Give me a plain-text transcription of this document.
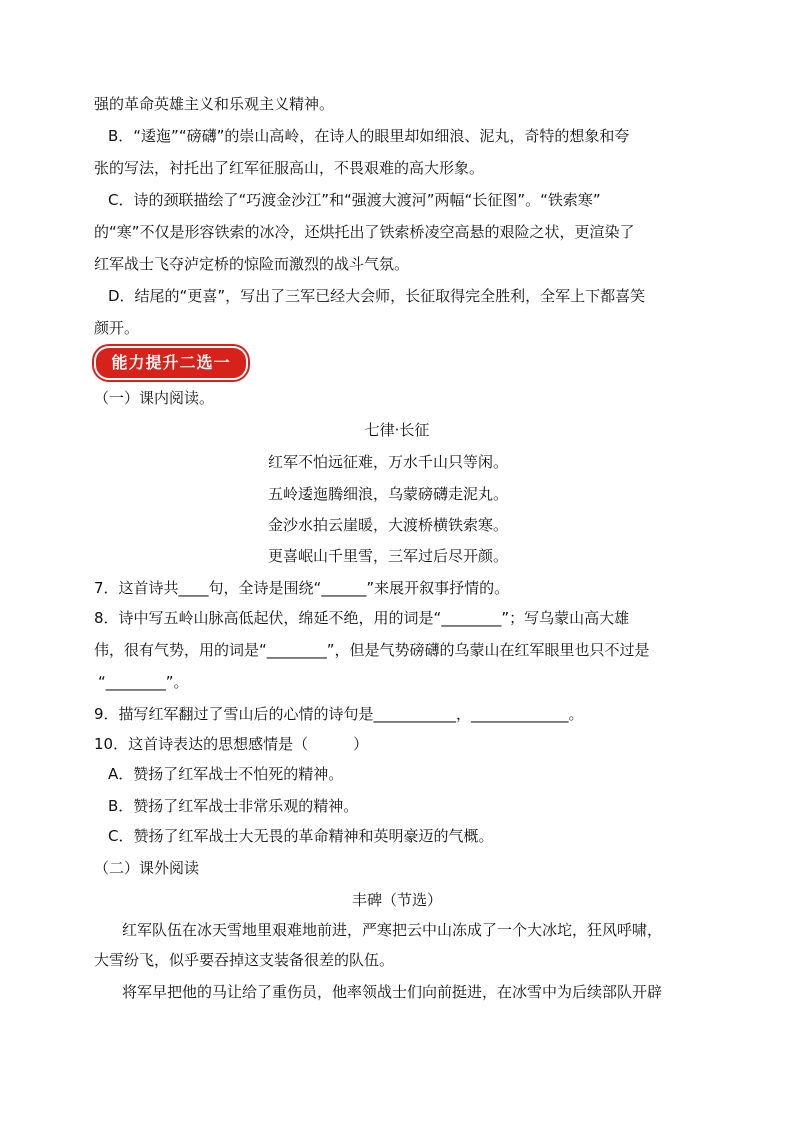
强的革命英雄主义和乐观主义精神。
B．“逶迤”“磅礴”的崇山高岭，在诗人的眼里却如细浪、泥丸，奇特的想象和夸
张的写法，衬托出了红军征服高山，不畏艰难的高大形象。
C．诗的颈联描绘了“巧渡金沙江”和“强渡大渡河”两幅“长征图”。“铁索寒”
的“寒”不仅是形容铁索的冰冷，还烘托出了铁索桥凌空高悬的艰险之状，更渲染了
红军战士飞夺泸定桥的惊险而激烈的战斗气氛。
D．结尾的“更喜”，写出了三军已经大会师，长征取得完全胜利，全军上下都喜笑
颜开。
能力提升二选一
（一）课内阅读。
七律·长征
红军不怕远征难，万水千山只等闲。
五岭逶迤腾细浪，乌蒙磅礴走泥丸。
金沙水拍云崖暖，大渡桥横铁索寒。
更喜岷山千里雪，三军过后尽开颜。
7．这首诗共____句，全诗是围绕“______”来展开叙事抒情的。
8．诗中写五岭山脉高低起伏，绵延不绝，用的词是“________”；写乌蒙山高大雄
伟，很有气势，用的词是“________”，但是气势磅礴的乌蒙山在红军眼里也只不过是
“________”。
9．描写红军翻过了雪山后的心情的诗句是___________，_____________。
10．这首诗表达的思想感情是（　　　）
A．赞扬了红军战士不怕死的精神。
B．赞扬了红军战士非常乐观的精神。
C．赞扬了红军战士大无畏的革命精神和英明豪迈的气概。
（二）课外阅读
丰碑（节选）
红军队伍在冰天雪地里艰难地前进，严寒把云中山冻成了一个大冰坨，狂风呼啸，
大雪纷飞，似乎要吞掉这支装备很差的队伍。
将军早把他的马让给了重伤员，他率领战士们向前挺进，在冰雪中为后续部队开辟
